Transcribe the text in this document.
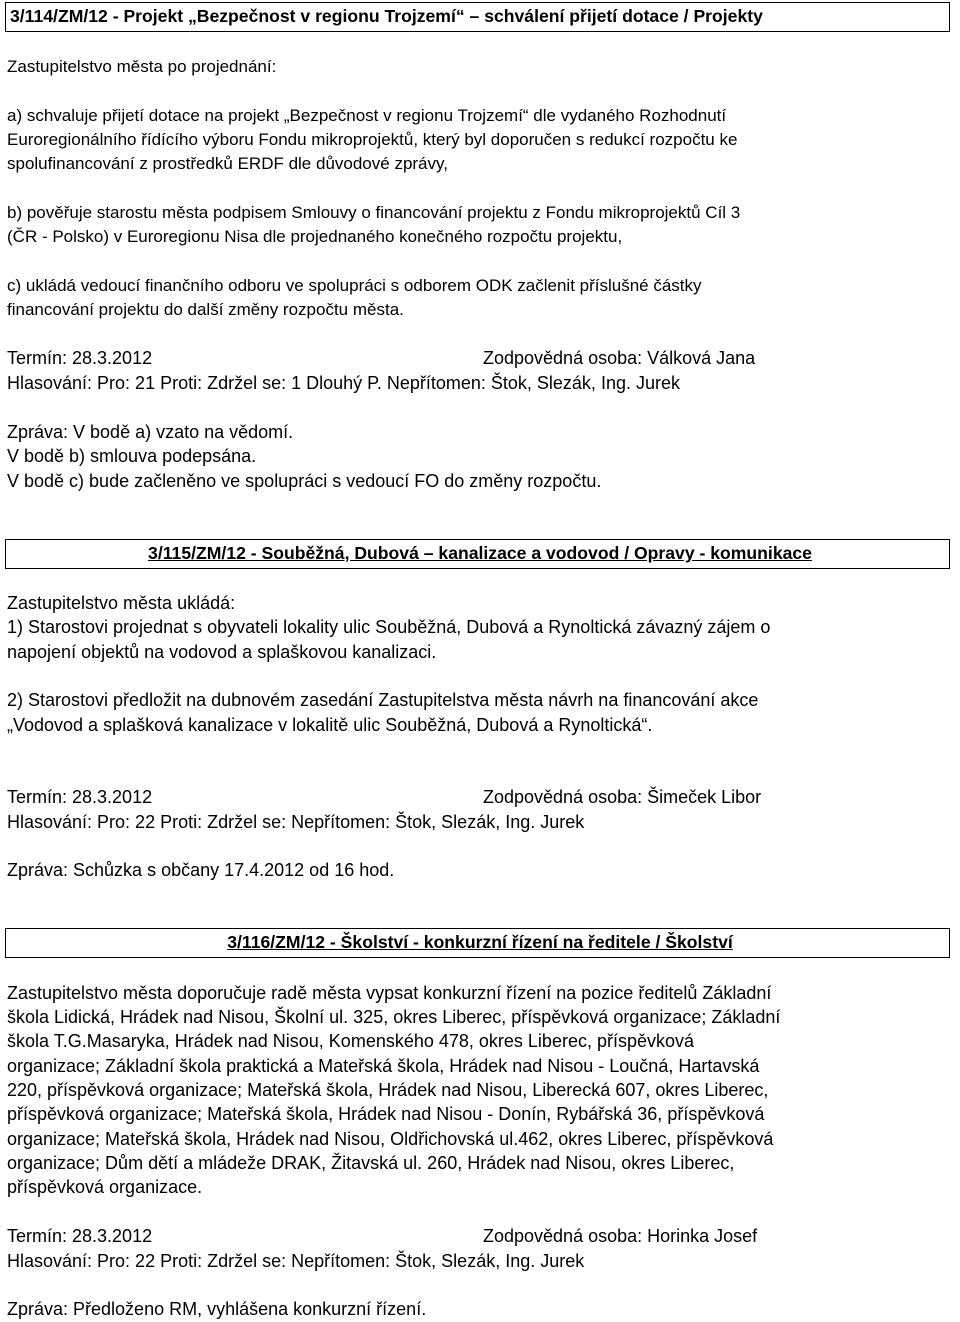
3/114/ZM/12 - Projekt „Bezpečnost v regionu Trojzemí“ – schválení přijetí dotace / Projekty
Zastupitelstvo města po projednání:
a) schvaluje přijetí dotace na projekt „Bezpečnost v regionu Trojzemí“ dle vydaného Rozhodnutí
Euroregionálního řídícího výboru Fondu mikroprojektů, který byl doporučen s redukcí rozpočtu ke
spolufinancování z prostředků ERDF dle důvodové zprávy,
b) pověřuje starostu města podpisem Smlouvy o financování projektu z Fondu mikroprojektů Cíl 3
(ČR - Polsko) v Euroregionu Nisa dle projednaného konečného rozpočtu projektu,
c) ukládá vedoucí finančního odboru ve spolupráci s odborem ODK začlenit příslušné částky
financování projektu do další změny rozpočtu města.
Termín: 28.3.2012	Zodpovědná osoba: Válková Jana
Hlasování: Pro: 21 Proti: Zdržel se: 1 Dlouhý P. Nepřítomen: Štok, Slezák, Ing. Jurek
Zpráva: V bodě a) vzato na vědomí.
V bodě b) smlouva podepsána.
V bodě c) bude začleněno ve spolupráci s vedoucí FO do změny rozpočtu.
3/115/ZM/12 - Souběžná, Dubová – kanalizace a vodovod / Opravy - komunikace
Zastupitelstvo města ukládá:
1) Starostovi projednat s obyvateli lokality ulic Souběžná, Dubová a Rynoltická závazný zájem o
napojení objektů na vodovod a splaškovou kanalizaci.
2) Starostovi předložit na dubnovém zasedání Zastupitelstva města návrh na financování akce
„Vodovod a splašková kanalizace v lokalitě ulic Souběžná, Dubová a Rynoltická“.
Termín: 28.3.2012	Zodpovědná osoba: Šimeček Libor
Hlasování: Pro: 22 Proti: Zdržel se: Nepřítomen: Štok, Slezák, Ing. Jurek
Zpráva: Schůzka s občany 17.4.2012 od 16 hod.
3/116/ZM/12 - Školství - konkurzní řízení na ředitele / Školství
Zastupitelstvo města doporučuje radě města vypsat konkurzní řízení na pozice ředitelů Základní
škola Lidická, Hrádek nad Nisou, Školní ul. 325, okres Liberec, příspěvková organizace; Základní
škola T.G.Masaryka, Hrádek nad Nisou, Komenského 478, okres Liberec, příspěvková
organizace; Základní škola praktická a Mateřská škola, Hrádek nad Nisou - Loučná, Hartavská
220, příspěvková organizace; Mateřská škola, Hrádek nad Nisou, Liberecká 607, okres Liberec,
příspěvková organizace; Mateřská škola, Hrádek nad Nisou - Donín, Rybářská 36, příspěvková
organizace; Mateřská škola, Hrádek nad Nisou, Oldřichovská ul.462, okres Liberec, příspěvková
organizace; Dům dětí a mládeže DRAK, Žitavská ul. 260, Hrádek nad Nisou, okres Liberec,
příspěvková organizace.
Termín: 28.3.2012	Zodpovědná osoba: Horinka Josef
Hlasování: Pro: 22 Proti: Zdržel se: Nepřítomen: Štok, Slezák, Ing. Jurek
Zpráva: Předloženo RM, vyhlášena konkurzní řízení.
